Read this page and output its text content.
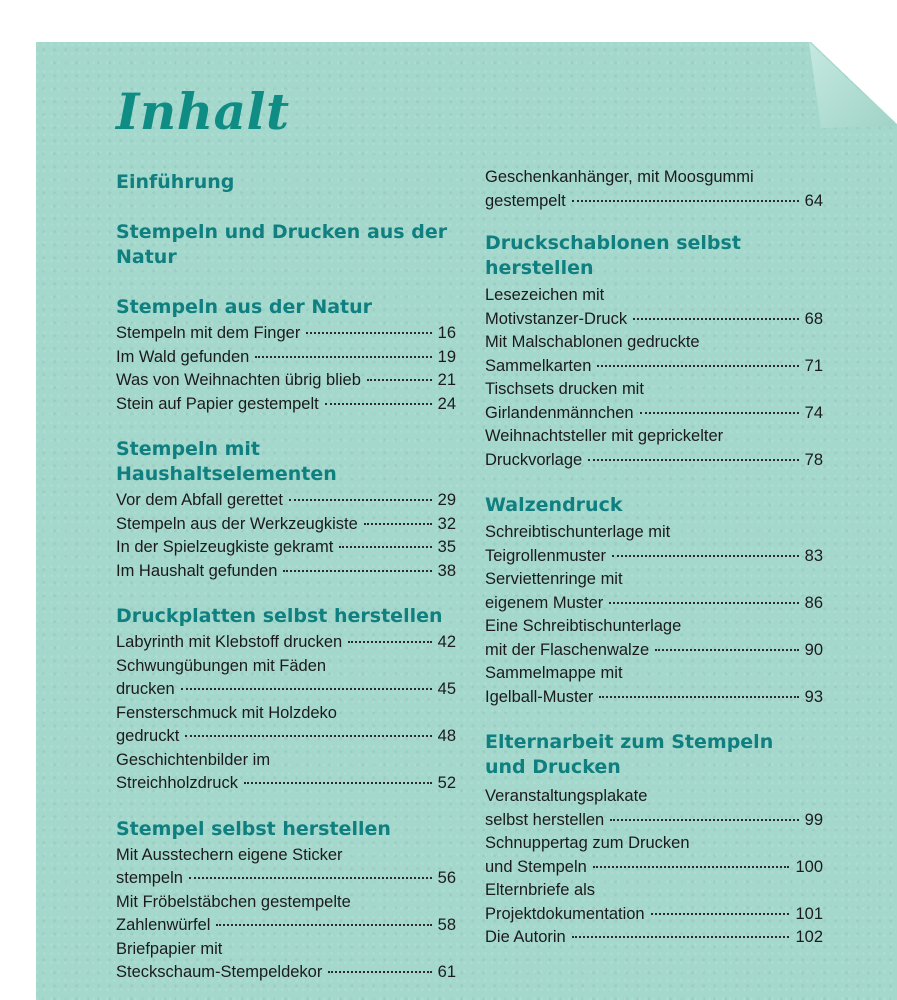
Inhalt
Einführung
Stempeln und Drucken aus der Natur
Stempeln aus der Natur
Stempeln mit dem Finger	16
Im Wald gefunden	19
Was von Weihnachten übrig blieb	21
Stein auf Papier gestempelt	24
Stempeln mit Haushaltselementen
Vor dem Abfall gerettet	29
Stempeln aus der Werkzeugkiste	32
In der Spielzeugkiste gekramt	35
Im Haushalt gefunden	38
Druckplatten selbst herstellen
Labyrinth mit Klebstoff drucken	42
Schwungübungen mit Fäden
drucken	45
Fensterschmuck mit Holzdeko
gedruckt	48
Geschichtenbilder im
Streichholzdruck	52
Stempel selbst herstellen
Mit Ausstechern eigene Sticker
stempeln	56
Mit Fröbelstäbchen gestempelte
Zahlenwürfel	58
Briefpapier mit
Steckschaum-Stempeldekor	61
Geschenkanhänger, mit Moosgummi
gestempelt	64
Druckschablonen selbst herstellen
Lesezeichen mit
Motivstanzer-Druck	68
Mit Malschablonen gedruckte
Sammelkarten	71
Tischsets drucken mit
Girlandenmännchen	74
Weihnachtsteller mit geprickelter
Druckvorlage	78
Walzendruck
Schreibtischunterlage mit
Teigrollenmuster	83
Serviettenringe mit
eigenem Muster	86
Eine Schreibtischunterlage
mit der Flaschenwalze	90
Sammelmappe mit
Igelball-Muster	93
Elternarbeit zum Stempeln
und Drucken
Veranstaltungsplakate
selbst herstellen	99
Schnuppertag zum Drucken
und Stempeln	100
Elternbriefe als
Projektdokumentation	101
Die Autorin	102
